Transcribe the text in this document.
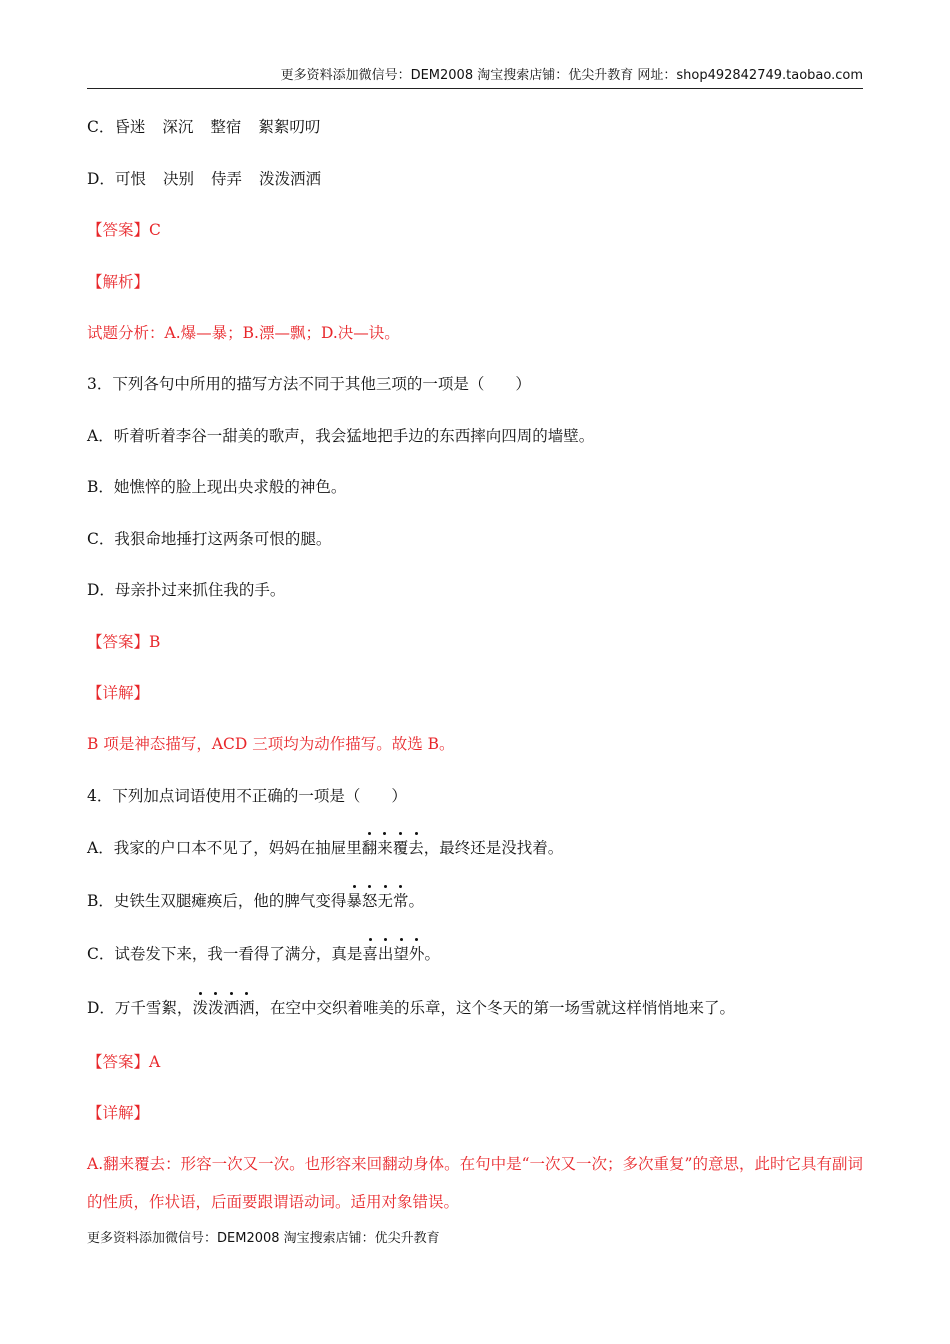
更多资料添加微信号：DEM2008 淘宝搜索店铺：优尖升教育 网址：shop492842749.taobao.com
C．昏迷 深沉 整宿 絮絮叨叨
D．可恨 决别 侍弄 泼泼洒洒
【答案】C
【解析】
试题分析：A.爆—暴；B.漂—飘；D.决—诀。
3．下列各句中所用的描写方法不同于其他三项的一项是（　　）
A．听着听着李谷一甜美的歌声，我会猛地把手边的东西摔向四周的墙壁。
B．她憔悴的脸上现出央求般的神色。
C．我狠命地捶打这两条可恨的腿。
D．母亲扑过来抓住我的手。
【答案】B
【详解】
B 项是神态描写，ACD 三项均为动作描写。故选 B。
4．下列加点词语使用不正确的一项是（　　）
A．我家的户口本不见了，妈妈在抽屉里翻来覆去，最终还是没找着。
B．史铁生双腿瘫痪后，他的脾气变得暴怒无常。
C．试卷发下来，我一看得了满分，真是喜出望外。
D．万千雪絮，泼泼洒洒，在空中交织着唯美的乐章，这个冬天的第一场雪就这样悄悄地来了。
【答案】A
【详解】
A.翻来覆去：形容一次又一次。也形容来回翻动身体。在句中是“一次又一次；多次重复”的意思，此时它具有副词的性质，作状语，后面要跟谓语动词。适用对象错误。
更多资料添加微信号：DEM2008 淘宝搜索店铺：优尖升教育
